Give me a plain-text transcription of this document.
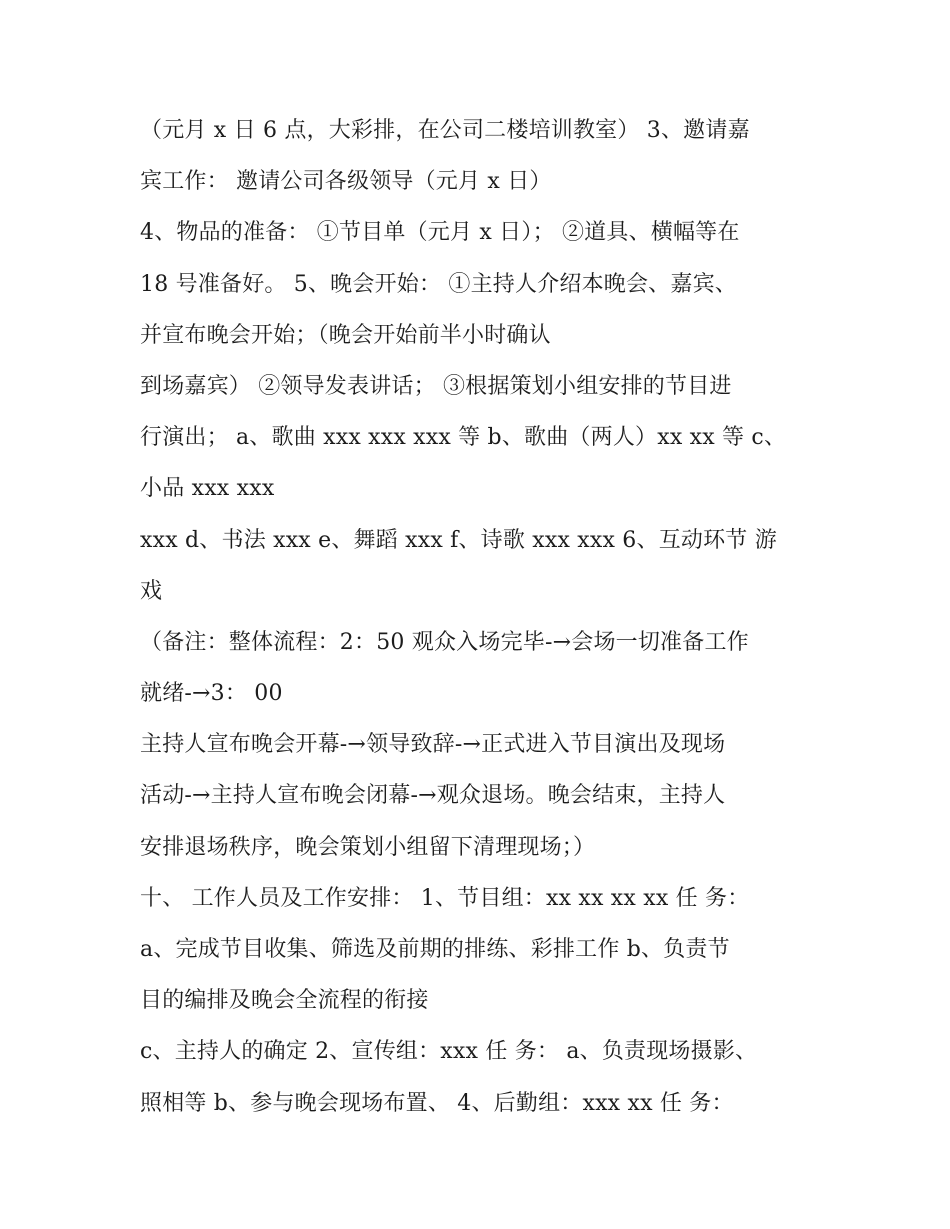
（元月 x 日 6 点，大彩排，在公司二楼培训教室） 3、邀请嘉
宾工作： 邀请公司各级领导（元月 x 日）
4、物品的准备： ①节目单（元月 x 日）； ②道具、横幅等在
18 号准备好。 5、晚会开始： ①主持人介绍本晚会、嘉宾、
并宣布晚会开始；（晚会开始前半小时确认
到场嘉宾） ②领导发表讲话； ③根据策划小组安排的节目进
行演出； a、歌曲 xxx xxx xxx 等 b、歌曲（两人）xx xx 等 c、
小品 xxx xxx
xxx d、书法 xxx e、舞蹈 xxx f、诗歌 xxx xxx 6、互动环节 游
戏
（备注：整体流程：2：50 观众入场完毕-→会场一切准备工作
就绪-→3： 00
主持人宣布晚会开幕-→领导致辞-→正式进入节目演出及现场
活动-→主持人宣布晚会闭幕-→观众退场。晚会结束，主持人
安排退场秩序，晚会策划小组留下清理现场；）
十、 工作人员及工作安排： 1、节目组：xx xx xx xx 任 务：
a、完成节目收集、筛选及前期的排练、彩排工作 b、负责节
目的编排及晚会全流程的衔接
c、主持人的确定 2、宣传组：xxx 任 务： a、负责现场摄影、
照相等 b、参与晚会现场布置、 4、后勤组：xxx xx 任 务：
